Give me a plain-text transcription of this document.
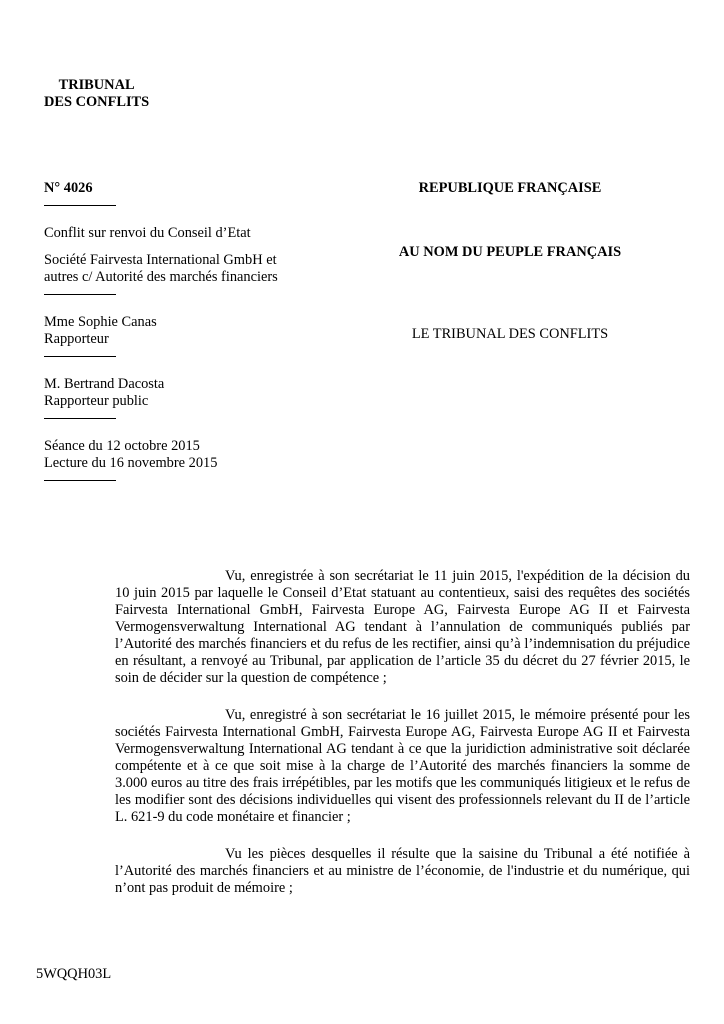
TRIBUNAL
DES CONFLITS
N° 4026
Conflit sur renvoi du Conseil d’Etat
Société Fairvesta International GmbH et
autres c/ Autorité des marchés financiers
Mme Sophie Canas
Rapporteur
M. Bertrand Dacosta
Rapporteur public
Séance du 12 octobre 2015
Lecture du 16 novembre 2015
REPUBLIQUE FRANÇAISE
AU NOM DU PEUPLE FRANÇAIS
LE TRIBUNAL DES CONFLITS

Vu, enregistrée à son secrétariat le 11 juin 2015, l'expédition de la décision du 10 juin 2015 par laquelle le Conseil d’Etat statuant au contentieux, saisi des requêtes des sociétés Fairvesta International GmbH, Fairvesta Europe AG, Fairvesta Europe AG II et Fairvesta Vermogensverwaltung International AG tendant à l’annulation de communiqués publiés par l’Autorité des marchés financiers et du refus de les rectifier, ainsi qu’à l’indemnisation du préjudice en résultant, a renvoyé au Tribunal, par application de l’article 35 du décret du 27 février 2015, le soin de décider sur la question de compétence ;

Vu, enregistré à son secrétariat le 16 juillet 2015, le mémoire présenté pour les sociétés Fairvesta International GmbH, Fairvesta Europe AG, Fairvesta Europe AG II et Fairvesta Vermogensverwaltung International AG tendant à ce que la juridiction administrative soit déclarée compétente et à ce que soit mise à la charge de l’Autorité des marchés financiers la somme de 3.000 euros au titre des frais irrépétibles, par les motifs que les communiqués litigieux et le refus de les modifier sont des décisions individuelles qui visent des professionnels relevant du II de l’article L. 621-9 du code monétaire et financier ;

Vu les pièces desquelles il résulte que la saisine du Tribunal a été notifiée à l’Autorité des marchés financiers et au ministre de l’économie, de l'industrie et du numérique, qui n’ont pas produit de mémoire ;

5WQQH03L
